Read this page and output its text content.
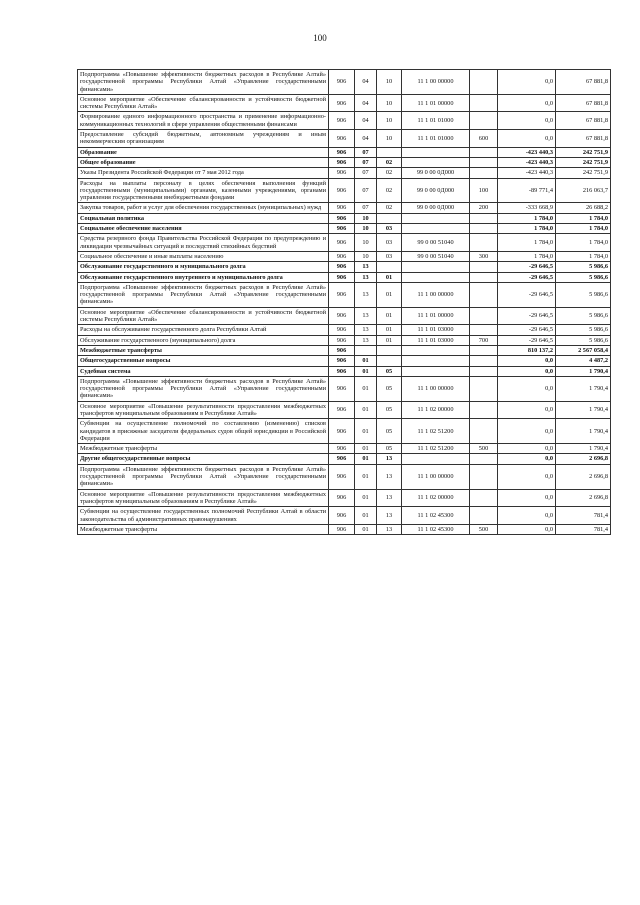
100
Подпрограмма «Повышение эффективности бюджетных расходов в Республике Алтай» государственной программы Республики Алтай «Управление государственными финансами»	906	04	10	11 1 00 00000		0,0	67 881,8
Основное мероприятие «Обеспечение сбалансированности и устойчивости бюджетной системы Республики Алтай»	906	04	10	11 1 01 00000		0,0	67 881,8
Формирование единого информационного пространства и применение информационно-коммуникационных технологий в сфере управления общественными финансами	906	04	10	11 1 01 01000		0,0	67 881,8
Предоставление субсидий бюджетным, автономным учреждениям и иным некоммерческим организациям	906	04	10	11 1 01 01000	600	0,0	67 881,8
Образование	906	07				-423 440,3	242 751,9
Общее образование	906	07	02			-423 440,3	242 751,9
Указы Президента Российской Федерации от 7 мая 2012 года	906	07	02	99 0 00 0Д000		-423 440,3	242 751,9
Расходы на выплаты персоналу в целях обеспечения выполнения функций государственными (муниципальными) органами, казенными учреждениями, органами управления государственными внебюджетными фондами	906	07	02	99 0 00 0Д000	100	-89 771,4	216 063,7
Закупка товаров, работ и услуг для обеспечения государственных (муниципальных) нужд	906	07	02	99 0 00 0Д000	200	-333 668,9	26 688,2
Социальная политика	906	10				1 784,0	1 784,0
Социальное обеспечение населения	906	10	03			1 784,0	1 784,0
Средства резервного фонда Правительства Российской Федерации по предупреждению и ликвидации чрезвычайных ситуаций и последствий стихийных бедствий	906	10	03	99 0 00 51040		1 784,0	1 784,0
Социальное обеспечение и иные выплаты населению	906	10	03	99 0 00 51040	300	1 784,0	1 784,0
Обслуживание государственного и муниципального долга	906	13				-29 646,5	5 986,6
Обслуживание государственного внутреннего и муниципального долга	906	13	01			-29 646,5	5 986,6
Подпрограмма «Повышение эффективности бюджетных расходов в Республике Алтай» государственной программы Республики Алтай «Управление государственными финансами»	906	13	01	11 1 00 00000		-29 646,5	5 986,6
Основное мероприятие «Обеспечение сбалансированности и устойчивости бюджетной системы Республики Алтай»	906	13	01	11 1 01 00000		-29 646,5	5 986,6
Расходы на обслуживание государственного долга Республики Алтай	906	13	01	11 1 01 03000		-29 646,5	5 986,6
Обслуживание государственного (муниципального) долга	906	13	01	11 1 01 03000	700	-29 646,5	5 986,6
Межбюджетные трансферты	906					810 137,2	2 567 058,4
Общегосударственные вопросы	906	01				0,0	4 487,2
Судебная система	906	01	05			0,0	1 790,4
Подпрограмма «Повышение эффективности бюджетных расходов в Республике Алтай» государственной программы Республики Алтай «Управление государственными финансами»	906	01	05	11 1 00 00000		0,0	1 790,4
Основное мероприятие «Повышение результативности предоставления межбюджетных трансфертов муниципальным образованиям в Республике Алтай»	906	01	05	11 1 02 00000		0,0	1 790,4
Субвенции на осуществление полномочий по составлению (изменению) списков кандидатов в присяжные заседатели федеральных судов общей юрисдикции в Российской Федерации	906	01	05	11 1 02 51200		0,0	1 790,4
Межбюджетные трансферты	906	01	05	11 1 02 51200	500	0,0	1 790,4
Другие общегосударственные вопросы	906	01	13			0,0	2 696,8
Подпрограмма «Повышение эффективности бюджетных расходов в Республике Алтай» государственной программы Республики Алтай «Управление государственными финансами»	906	01	13	11 1 00 00000		0,0	2 696,8
Основное мероприятие «Повышение результативности предоставления межбюджетных трансфертов муниципальным образованиям в Республике Алтай»	906	01	13	11 1 02 00000		0,0	2 696,8
Субвенции на осуществление государственных полномочий Республики Алтай в области законодательства об административных правонарушениях	906	01	13	11 1 02 45300		0,0	781,4
Межбюджетные трансферты	906	01	13	11 1 02 45300	500	0,0	781,4
